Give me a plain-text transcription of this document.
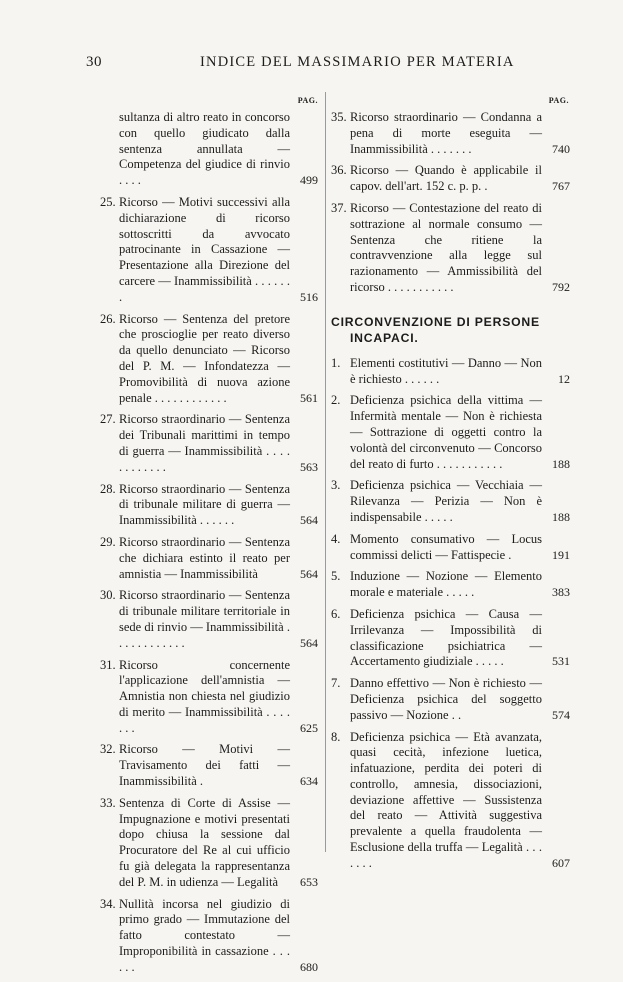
30	INDICE DEL MASSIMARIO PER MATERIA
PAG.
sultanza di altro reato in concorso con quello giudicato dalla sentenza annullata — Competenza del giudice di rinvio . . . .	499
25. Ricorso — Motivi successivi alla dichiarazione di ricorso sottoscritti da avvocato patrocinante in Cassazione — Presentazione alla Direzione del carcere — Inammissibilità . . . . . . .	516
26. Ricorso — Sentenza del pretore che proscioglie per reato diverso da quello denunciato — Ricorso del P. M. — Infondatezza — Promovibilità di nuova azione penale . . . . . . . . . . . .	561
27. Ricorso straordinario — Sentenza dei Tribunali marittimi in tempo di guerra — Inammissibilità . . . . . . . . . . . .	563
28. Ricorso straordinario — Sentenza di tribunale militare di guerra — Inammissibilità . . . . . .	564
29. Ricorso straordinario — Sentenza che dichiara estinto il reato per amnistia — Inammissibilità	564
30. Ricorso straordinario — Sentenza di tribunale militare territoriale in sede di rinvio — Inammissibilità . . . . . . . . . . . .	564
31. Ricorso concernente l'applicazione dell'amnistia — Amnistia non chiesta nel giudizio di merito — Inammissibilità . . . . . . .	625
32. Ricorso — Motivi — Travisamento dei fatti — Inammissibilità .	634
33. Sentenza di Corte di Assise — Impugnazione e motivi presentati dopo chiusa la sessione dal Procuratore del Re al cui ufficio fu già delegata la rappresentanza del P. M. in udienza — Legalità 653
34. Nullità incorsa nel giudizio di primo grado — Immutazione del fatto contestato — Improponibilità in cassazione . . . . . .	680
PAG.
35. Ricorso straordinario — Condanna a pena di morte eseguita — Inammissibilità . . . . . . .	740
36. Ricorso — Quando è applicabile il capov. dell'art. 152 c. p. p. .	767
37. Ricorso — Contestazione del reato di sottrazione al normale consumo — Sentenza che ritiene la contravvenzione alla legge sul razionamento — Ammissibilità del ricorso . . . . . . . . . . .	792
CIRCONVENZIONE DI PERSONE
INCAPACI.
1. Elementi costitutivi — Danno — Non è richiesto . . . . . .	12
2. Deficienza psichica della vittima — Infermità mentale — Non è richiesta — Sottrazione di oggetti contro la volontà del circonvenuto — Concorso del reato di furto . . . . . . . . . . .	188
3. Deficienza psichica — Vecchiaia — Rilevanza — Perizia — Non è indispensabile . . . . .	188
4. Momento consumativo — Locus commissi delicti — Fattispecie .	191
5. Induzione — Nozione — Elemento morale e materiale . . . . .	383
6. Deficienza psichica — Causa — Irrilevanza — Impossibilità di classificazione psichiatrica — Accertamento giudiziale . . . . .	531
7. Danno effettivo — Non è richiesto — Deficienza psichica del soggetto passivo — Nozione . .	574
8. Deficienza psichica — Età avanzata, quasi cecità, infezione luetica, infatuazione, perdita dei poteri di controllo, amnesia, dissociazioni, deviazione affettive — Sussistenza del reato — Attività suggestiva prevalente a quella fraudolenta — Esclusione della truffa — Legalità . . . . . . .	607
